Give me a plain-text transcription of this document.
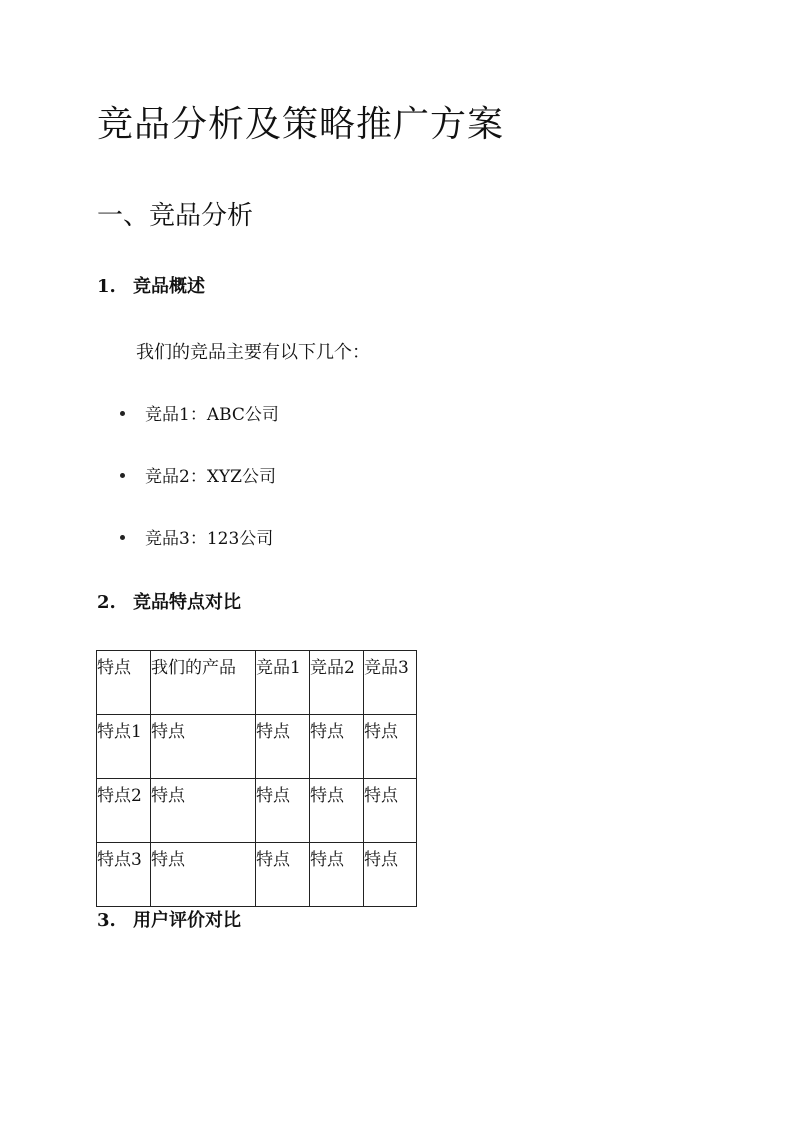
竞品分析及策略推广方案
一、竞品分析
1. 竞品概述

我们的竞品主要有以下几个：

竞品1：ABC公司
竞品2：XYZ公司
竞品3：123公司
2. 竞品特点对比
特点	我们的产品	竞品1	竞品2	竞品3
特点1	特点	特点	特点	特点
特点2	特点	特点	特点	特点
特点3	特点	特点	特点	特点
3. 用户评价对比
